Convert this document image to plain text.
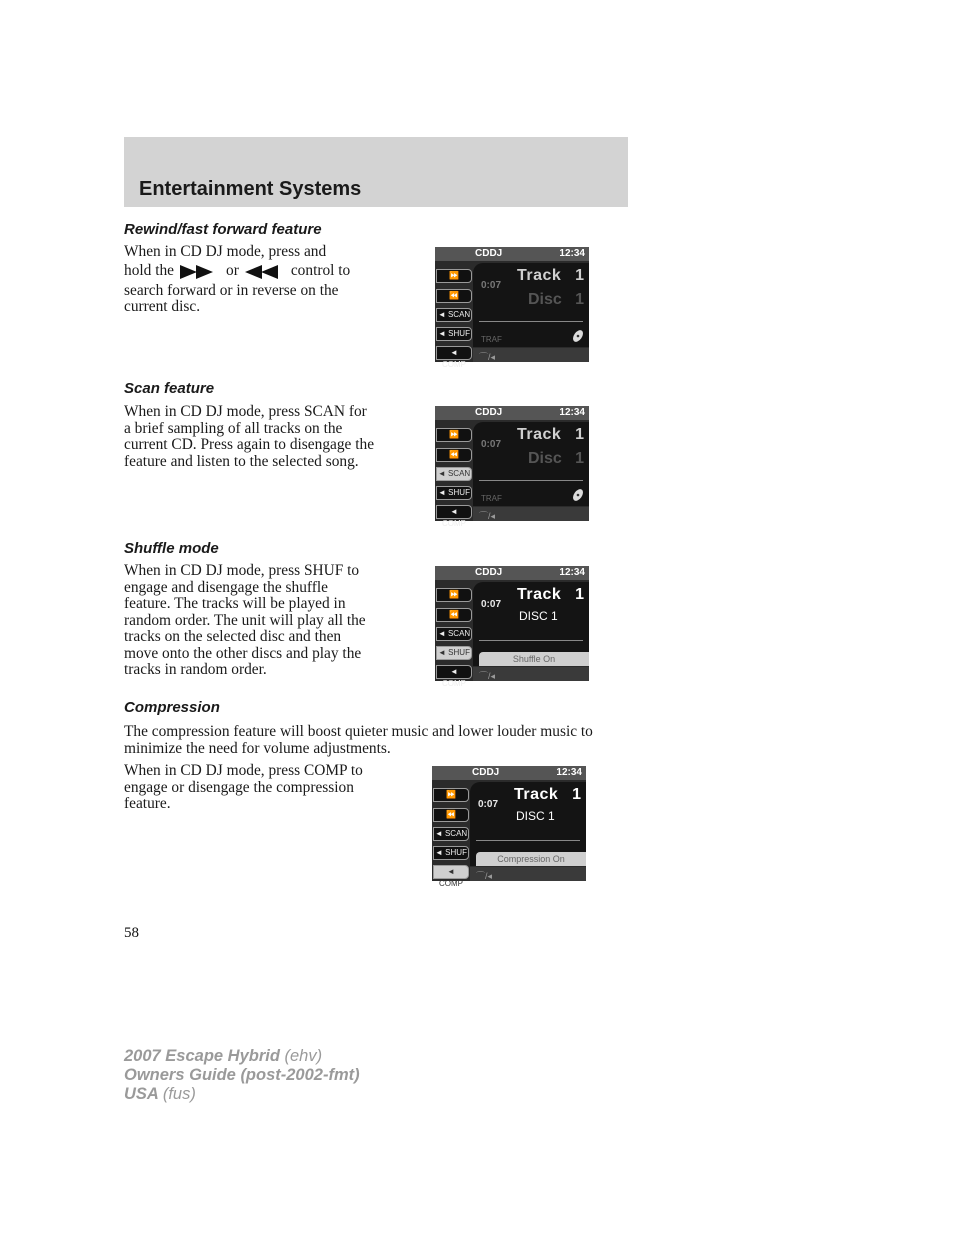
Entertainment Systems
Rewind/fast forward feature
When in CD DJ mode, press and
hold the	or	control to
search forward or in reverse on the
current disc.
CDDJ	12:34
⏩
⏪
◄ SCAN
◄ SHUF
◄ COMP
0:07
Track 1
Disc 1
TRAF
⌒/◂
Scan feature
When in CD DJ mode, press SCAN for a brief sampling of all tracks on the current CD. Press again to disengage the feature and listen to the selected song.
CDDJ	12:34
⏩
⏪
◄ SCAN
◄ SHUF
◄ COMP
0:07
Track 1
Disc 1
TRAF
⌒/◂
Shuffle mode
When in CD DJ mode, press SHUF to engage and disengage the shuffle feature. The tracks will be played in random order. The unit will play all the tracks on the selected disc and then move onto the other discs and play the tracks in random order.
CDDJ	12:34
⏩
⏪
◄ SCAN
◄ SHUF
◄ COMP
0:07
Track 1
DISC 1
Shuffle On
⌒/◂
Compression
The compression feature will boost quieter music and lower louder music to minimize the need for volume adjustments.
When in CD DJ mode, press COMP to engage or disengage the compression feature.
CDDJ	12:34
⏩
⏪
◄ SCAN
◄ SHUF
◄ COMP
0:07
Track 1
DISC 1
Compression On
⌒/◂
58
2007 Escape Hybrid (ehv)
Owners Guide (post-2002-fmt)
USA (fus)
